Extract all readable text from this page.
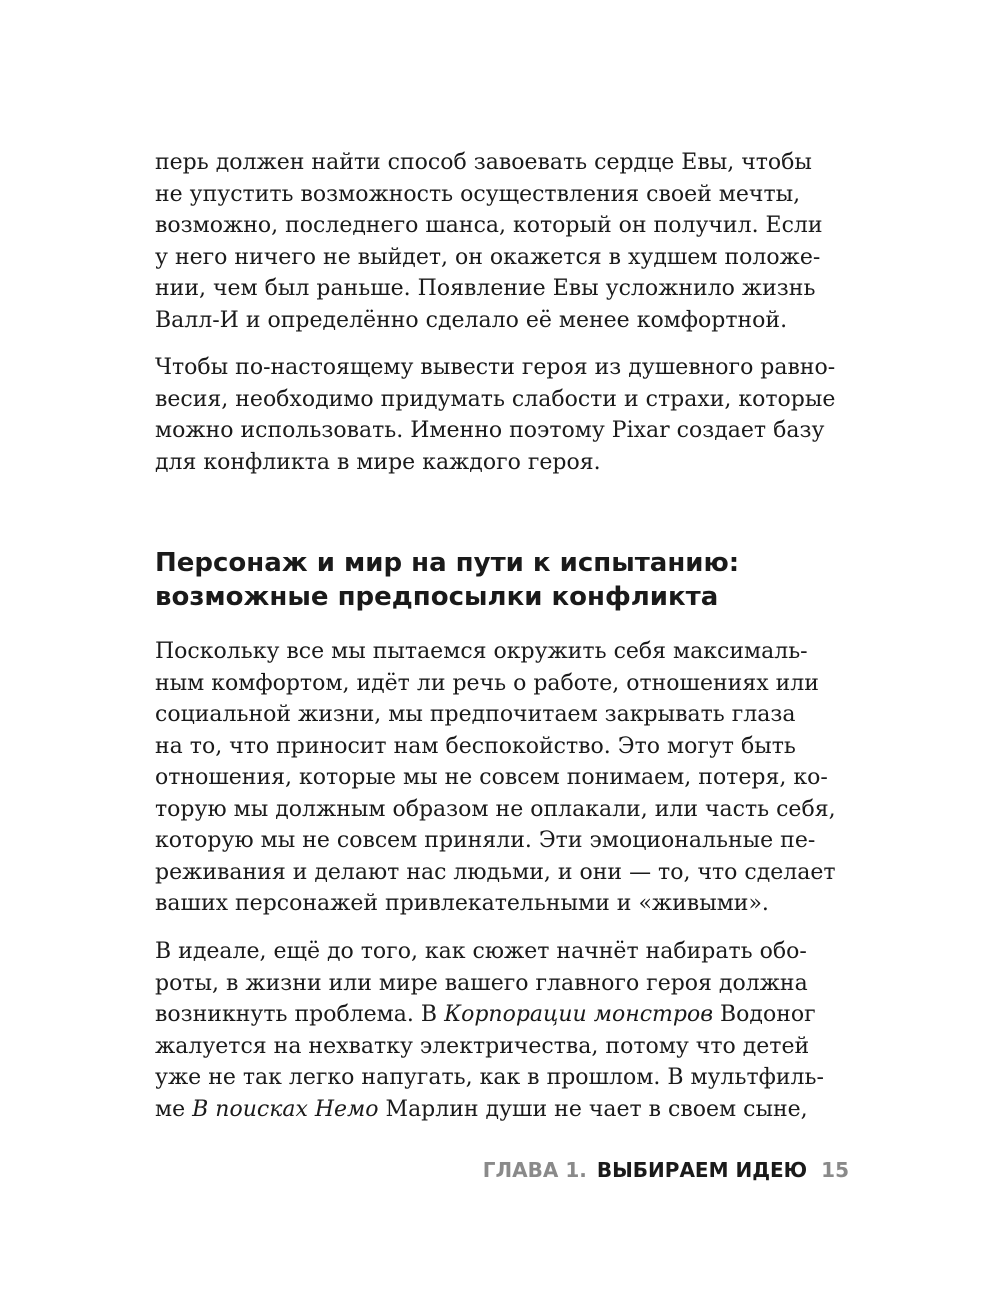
перь должен найти способ завоевать сердце Евы, чтобы
не упустить возможность осуществления своей мечты,
возможно, последнего шанса, который он получил. Если
у него ничего не выйдет, он окажется в худшем положе-
нии, чем был раньше. Появление Евы усложнило жизнь
Валл-И и определённо сделало её менее комфортной.

Чтобы по-настоящему вывести героя из душевного равно-
весия, необходимо придумать слабости и страхи, которые
можно использовать. Именно поэтому Pixar создает базу
для конфликта в мире каждого героя.

Персонаж и мир на пути к испытанию:
возможные предпосылки конфликта

Поскольку все мы пытаемся окружить себя максималь-
ным комфортом, идёт ли речь о работе, отношениях или
социальной жизни, мы предпочитаем закрывать глаза
на то, что приносит нам беспокойство. Это могут быть
отношения, которые мы не совсем понимаем, потеря, ко-
торую мы должным образом не оплакали, или часть себя,
которую мы не совсем приняли. Эти эмоциональные пе-
реживания и делают нас людьми, и они — то, что сделает
ваших персонажей привлекательными и «живыми».

В идеале, ещё до того, как сюжет начнёт набирать обо-
роты, в жизни или мире вашего главного героя должна
возникнуть проблема. В Корпорации монстров Водоног
жалуется на нехватку электричества, потому что детей
уже не так легко напугать, как в прошлом. В мультфиль-
ме В поисках Немо Марлин души не чает в своем сыне,

ГЛАВА 1. ВЫБИРАЕМ ИДЕЮ 15
